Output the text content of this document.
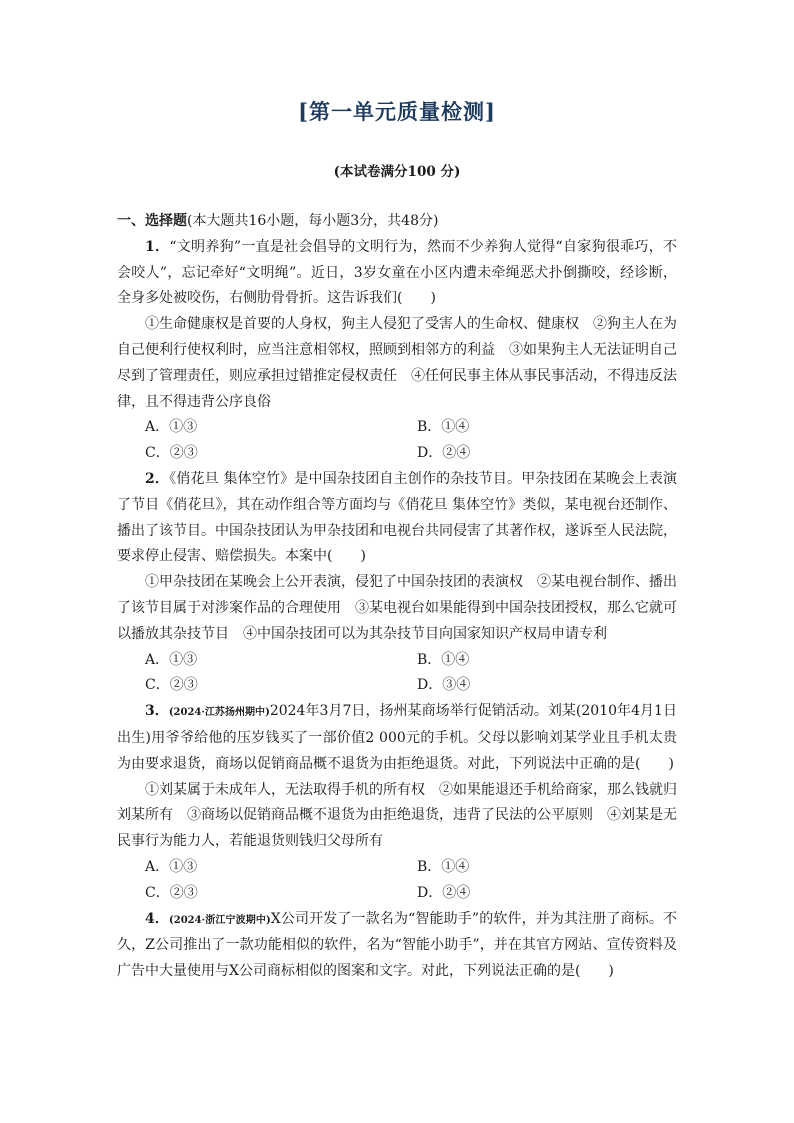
[第一单元质量检测]
(本试卷满分100 分)
一、选择题(本大题共16小题，每小题3分，共48分)

1．“文明养狗”一直是社会倡导的文明行为，然而不少养狗人觉得“自家狗很乖巧，不会咬人”，忘记牵好“文明绳”。近日，3岁女童在小区内遭未牵绳恶犬扑倒撕咬，经诊断，全身多处被咬伤，右侧肋骨骨折。这告诉我们(　　)

①生命健康权是首要的人身权，狗主人侵犯了受害人的生命权、健康权　②狗主人在为自己便利行使权利时，应当注意相邻权，照顾到相邻方的利益　③如果狗主人无法证明自己尽到了管理责任，则应承担过错推定侵权责任　④任何民事主体从事民事活动，不得违反法律，且不得违背公序良俗

A．①③	B．①④
C．②③	D．②④

2．《俏花旦 集体空竹》是中国杂技团自主创作的杂技节目。甲杂技团在某晚会上表演了节目《俏花旦》，其在动作组合等方面均与《俏花旦 集体空竹》类似，某电视台还制作、播出了该节目。中国杂技团认为甲杂技团和电视台共同侵害了其著作权，遂诉至人民法院，要求停止侵害、赔偿损失。本案中(　　)

①甲杂技团在某晚会上公开表演，侵犯了中国杂技团的表演权　②某电视台制作、播出了该节目属于对涉案作品的合理使用　③某电视台如果能得到中国杂技团授权，那么它就可以播放其杂技节目　④中国杂技团可以为其杂技节目向国家知识产权局申请专利

A．①③	B．①④
C．②③	D．③④

3．(2024·江苏扬州期中)2024年3月7日，扬州某商场举行促销活动。刘某(2010年4月1日出生)用爷爷给他的压岁钱买了一部价值2 000元的手机。父母以影响刘某学业且手机太贵为由要求退货，商场以促销商品概不退货为由拒绝退货。对此，下列说法中正确的是(　　)

①刘某属于未成年人，无法取得手机的所有权　②如果能退还手机给商家，那么钱就归刘某所有　③商场以促销商品概不退货为由拒绝退货，违背了民法的公平原则　④刘某是无民事行为能力人，若能退货则钱归父母所有

A．①③	B．①④
C．②③	D．②④

4．(2024·浙江宁波期中)X公司开发了一款名为“智能助手”的软件，并为其注册了商标。不久，Z公司推出了一款功能相似的软件，名为“智能小助手”，并在其官方网站、宣传资料及广告中大量使用与X公司商标相似的图案和文字。对此，下列说法正确的是(　　)
